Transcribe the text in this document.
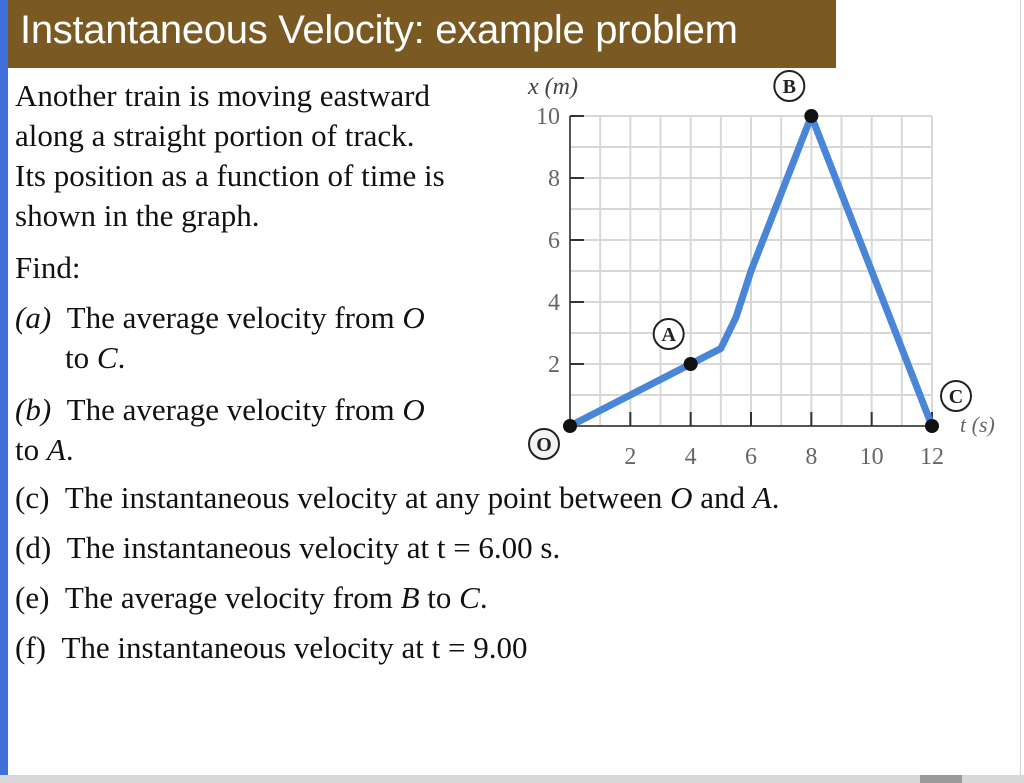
Instantaneous Velocity: example problem
Another train is moving eastward
along a straight portion of track.
Its position as a function of time is
shown in the graph.
Find:
(a) The average velocity from O
to C.
(b) The average velocity from O
to A.
(c) The instantaneous velocity at any point between O and A.
(d) The instantaneous velocity at t = 6.00 s.
(e) The average velocity from B to C.
(f) The instantaneous velocity at t = 9.00
10
8
6
4
2
2 4 6 8 10 12
O
A
B
C
x (m)
t (s)
